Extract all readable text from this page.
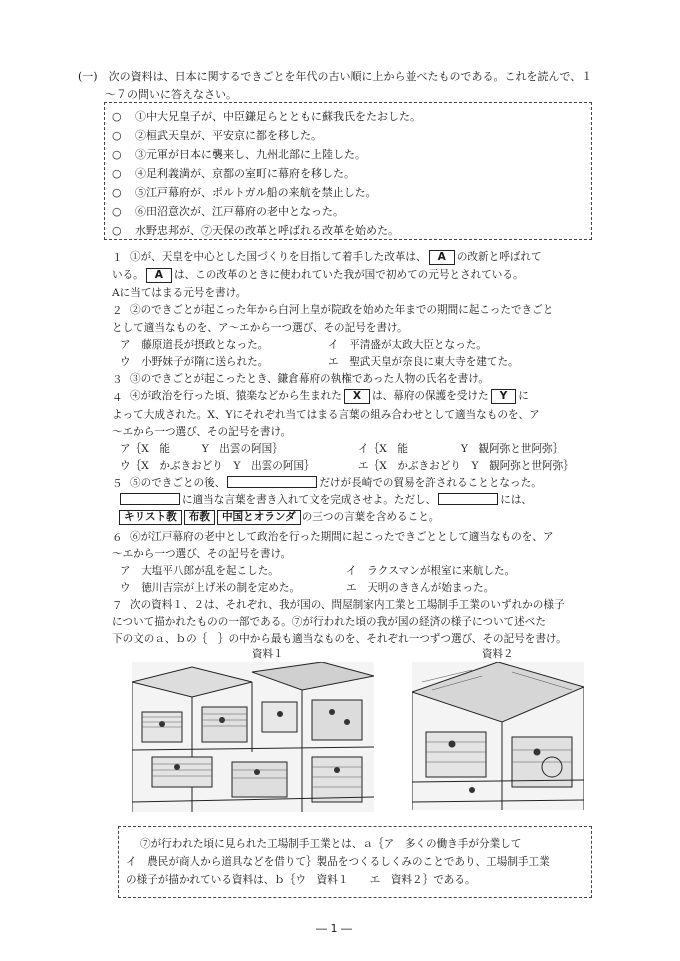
(一)　 次の資料は、日本に関するできごとを年代の古い順に上から並べたものである。これを読んで、１
～７の問いに答えなさい。
○　 ①中大兄皇子が、中臣鎌足らとともに蘇我氏をたおした。
○　 ②桓武天皇が、平安京に都を移した。
○　 ③元軍が日本に襲来し、九州北部に上陸した。
○　 ④足利義満が、京都の室町に幕府を移した。
○　 ⑤江戸幕府が、ポルトガル船の来航を禁止した。
○　 ⑥田沼意次が、江戸幕府の老中となった。
○　 水野忠邦が、⑦天保の改革と呼ばれる改革を始めた。
１ ①が、天皇を中心とした国づくりを目指して着手した改革は、 A の改新と呼ばれて
いる。 A は、この改革のときに使われていた我が国で初めての元号とされている。
Aに当てはまる元号を書け。
２ ②のできごとが起こった年から白河上皇が院政を始めた年までの期間に起こったできごと
として適当なものを、ア～エから一つ選び、その記号を書け。
ア　 藤原道長が摂政となった。	イ　 平清盛が太政大臣となった。
ウ　 小野妹子が隋に送られた。	エ　 聖武天皇が奈良に東大寺を建てた。
３ ③のできごとが起こったとき、鎌倉幕府の執権であった人物の氏名を書け。
４ ④が政治を行った頃、猿楽などから生まれた X は、幕府の保護を受けた Y に
よって大成された。X、Yにそれぞれ当てはまる言葉の組み合わせとして適当なものを、ア
～エから一つ選び、その記号を書け。
ア｛X　能　　　	Y　出雲の阿国｝	イ｛X　能　　　　　	Y　観阿弥と世阿弥｝
ウ｛X　かぶきおどり　 Y　出雲の阿国｝	エ｛X　かぶきおどり　 Y　観阿弥と世阿弥｝
５ ⑤のできごとの後、	だけが長崎での貿易を許されることとなった。
に適当な言葉を書き入れて文を完成させよ。ただし、	には、
キリスト教 布教 中国とオランダ の三つの言葉を含めること。
６ ⑥が江戸幕府の老中として政治を行った期間に起こったできごととして適当なものを、ア
～エから一つ選び、その記号を書け。
ア　 大塩平八郎が乱を起こした。	イ　 ラクスマンが根室に来航した。
ウ　 徳川吉宗が上げ米の制を定めた。	エ　 天明のききんが始まった。
７ 次の資料１、２は、それぞれ、我が国の、問屋制家内工業と工場制手工業のいずれかの様子
について描かれたものの一部である。⑦が行われた頃の我が国の経済の様子について述べた
下の文のａ、ｂの｛　｝の中から最も適当なものを、それぞれ一つずつ選び、その記号を書け。
資料１	資料２
⑦が行われた頃に見られた工場制手工業とは、ａ｛ア　多くの働き手が分業して
イ　農民が商人から道具などを借りて｝製品をつくるしくみのことであり、工場制手工業
の様子が描かれている資料は、ｂ｛ウ　資料１　　エ　資料２｝である。
― 1 ―
